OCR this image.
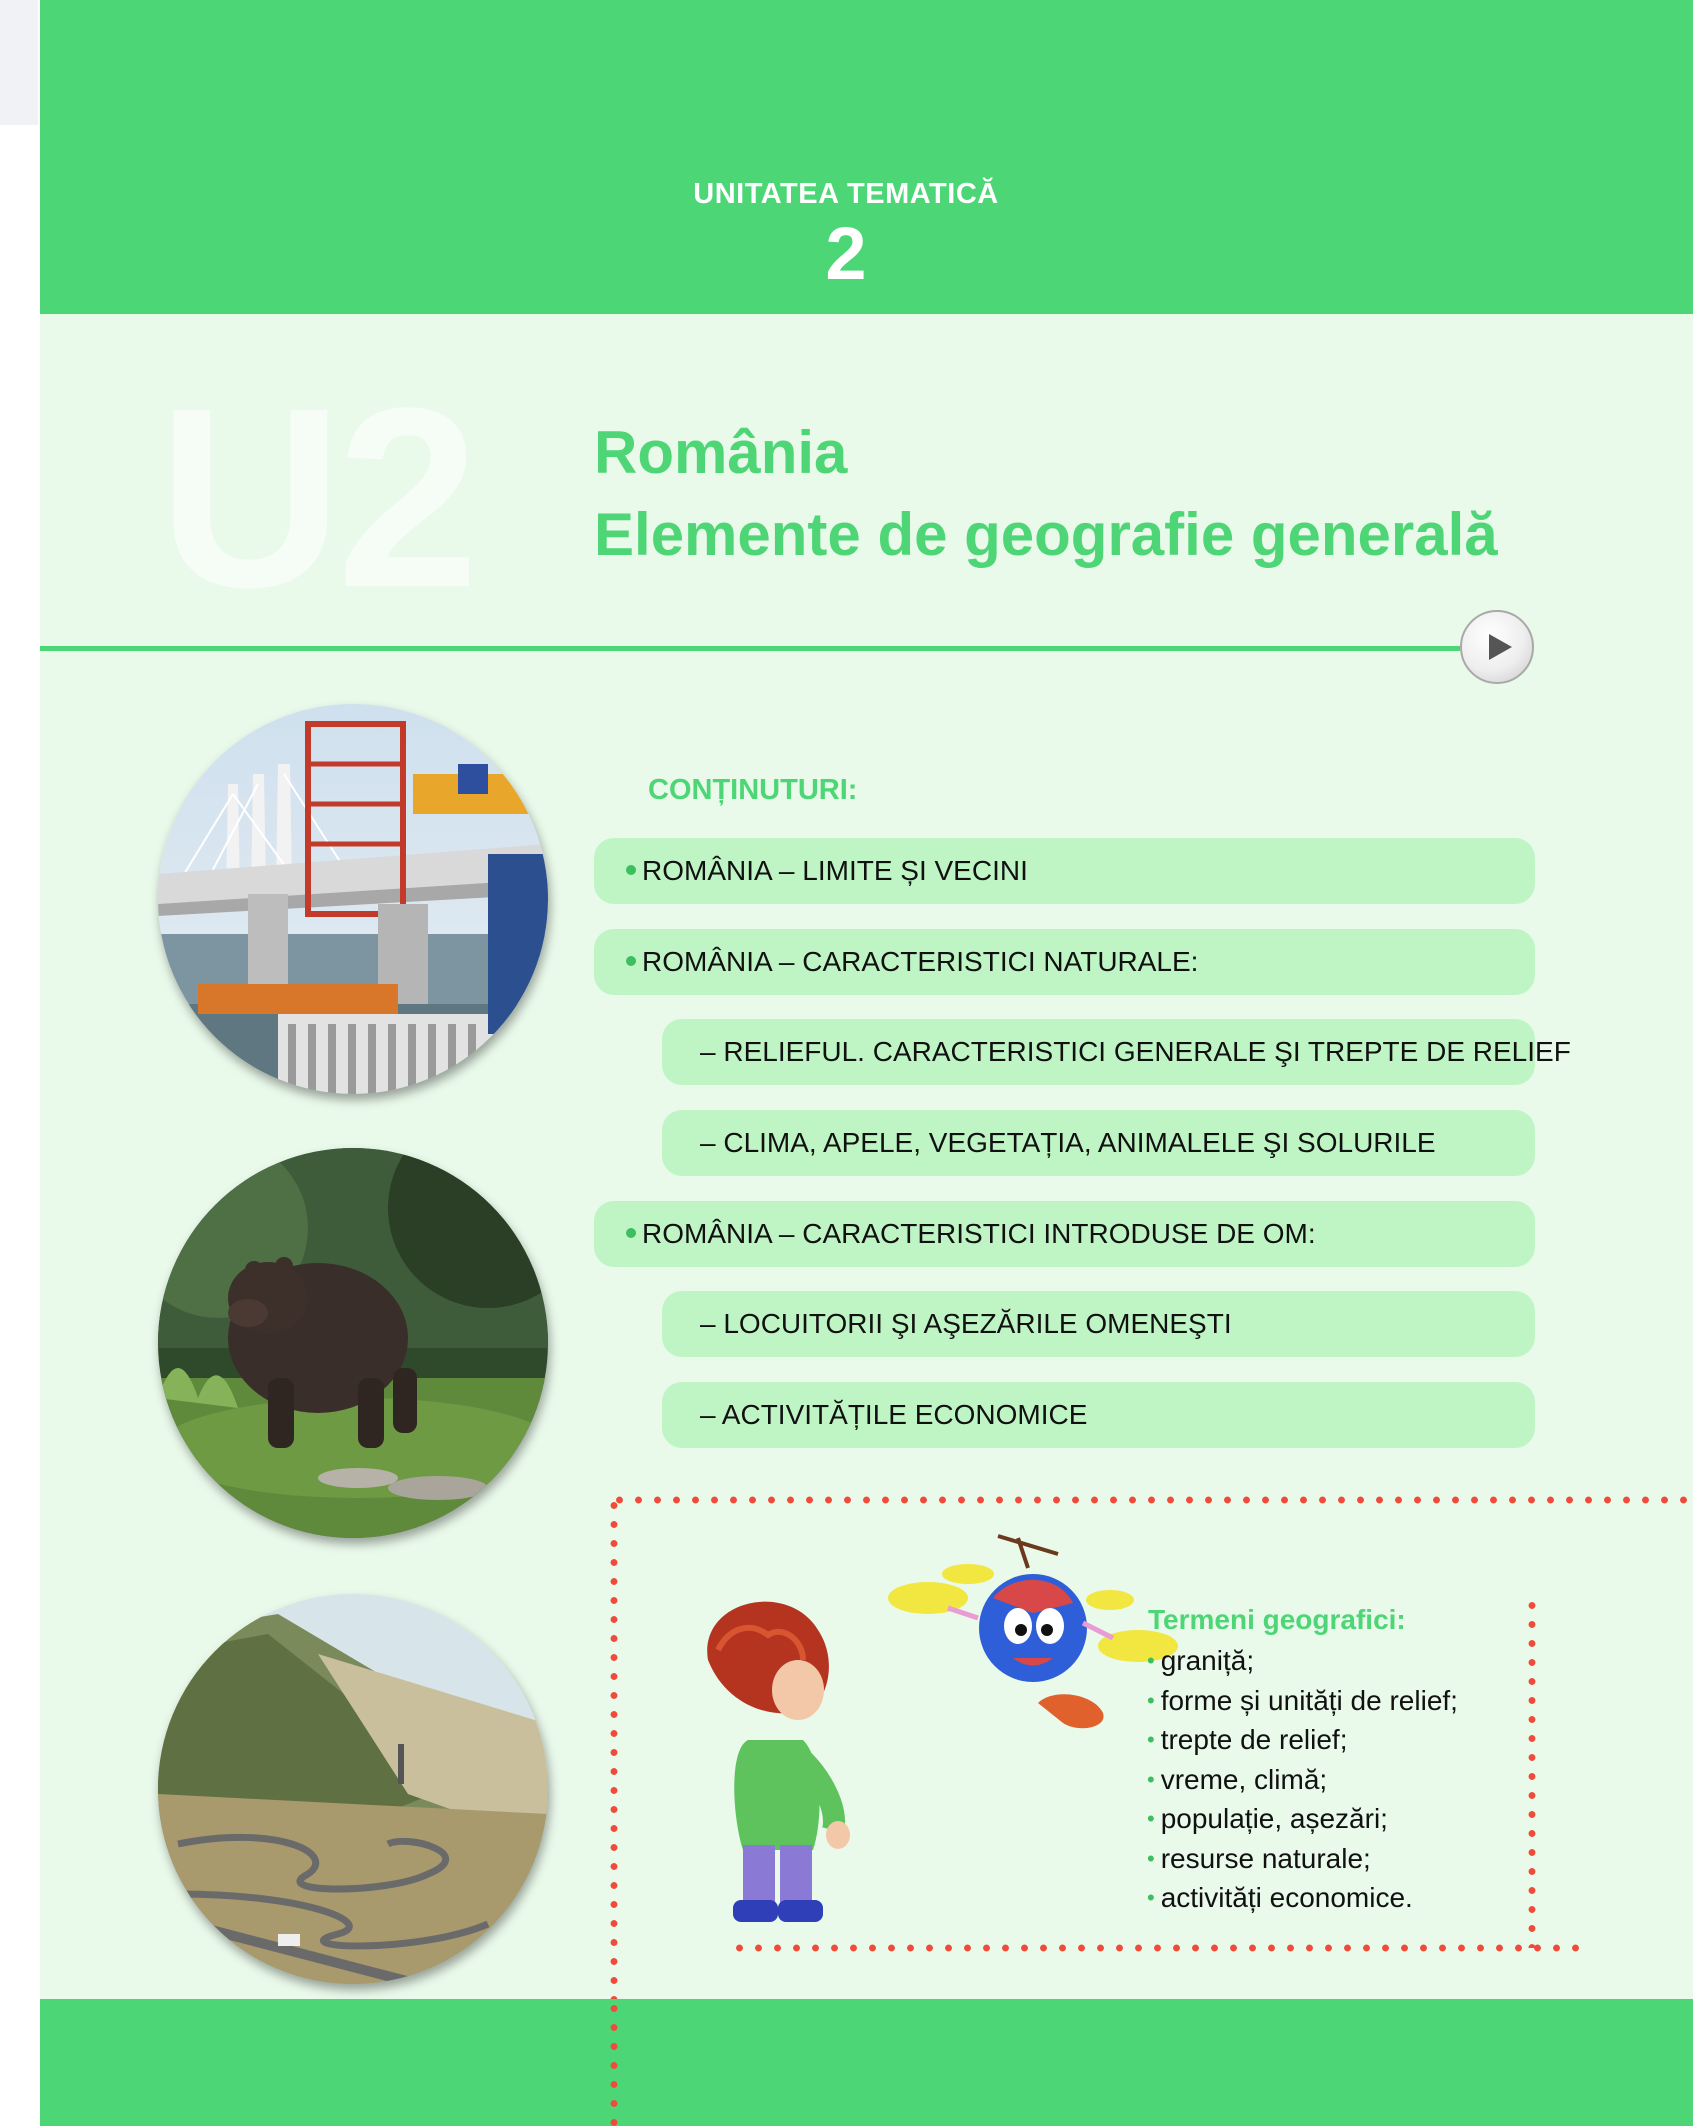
UNITATEA TEMATICĂ
2
U2 România
Elemente de geografie generală
CONȚINUTURI:
ROMÂNIA – LIMITE ȘI VECINI
ROMÂNIA – CARACTERISTICI NATURALE:
– RELIEFUL. CARACTERISTICI GENERALE ŞI TREPTE DE RELIEF
– CLIMA, APELE, VEGETAȚIA, ANIMALELE ŞI SOLURILE
ROMÂNIA – CARACTERISTICI INTRODUSE DE OM:
– LOCUITORII ŞI AŞEZĂRILE OMENEŞTI
– ACTIVITĂȚILE ECONOMICE
Termeni geografici:
• graniță;
• forme și unități de relief;
• trepte de relief;
• vreme, climă;
• populație, așezări;
• resurse naturale;
• activități economice.
